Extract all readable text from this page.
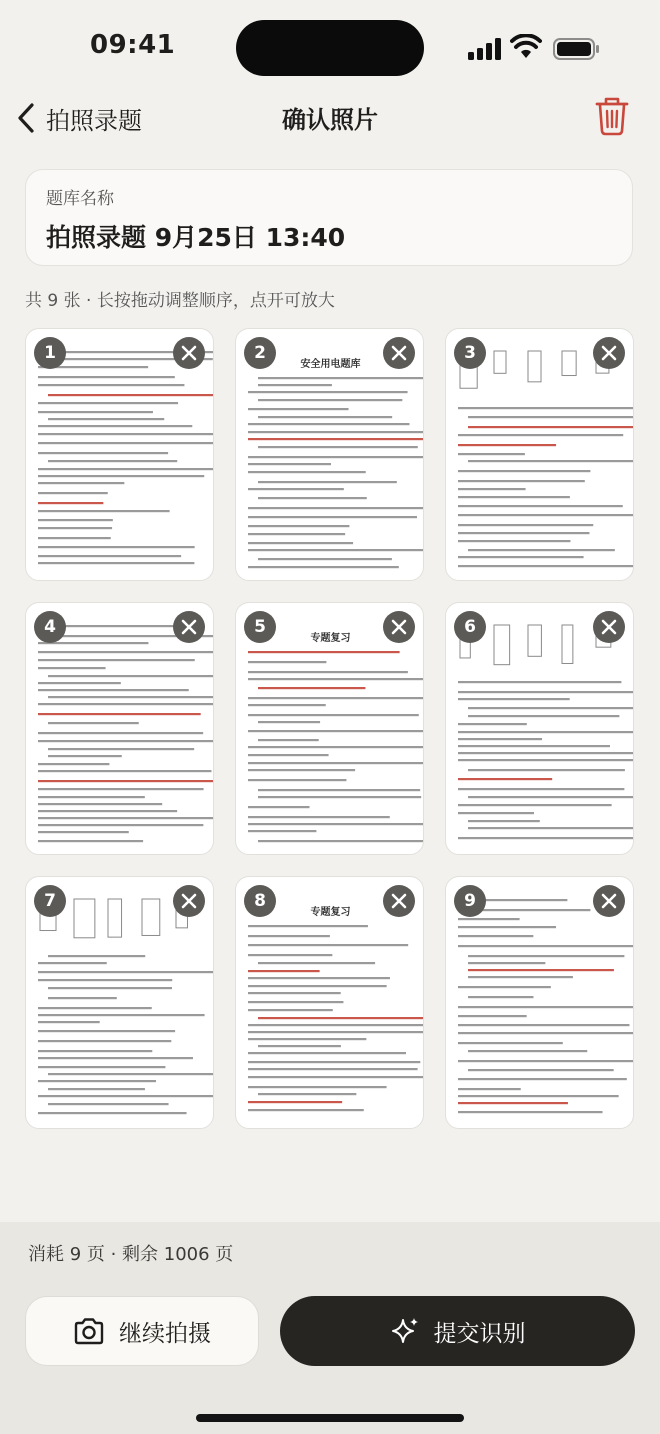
09:41
拍照录题	确认照片
题库名称
拍照录题 9月25日 13:40
共 9 张 · 长按拖动调整顺序，点开可放大
1
安全用电题库
2	3
4
专题复习
5	6
7
专题复习
8	9
消耗 9 页 · 剩余 1006 页
继续拍摄	提交识别
